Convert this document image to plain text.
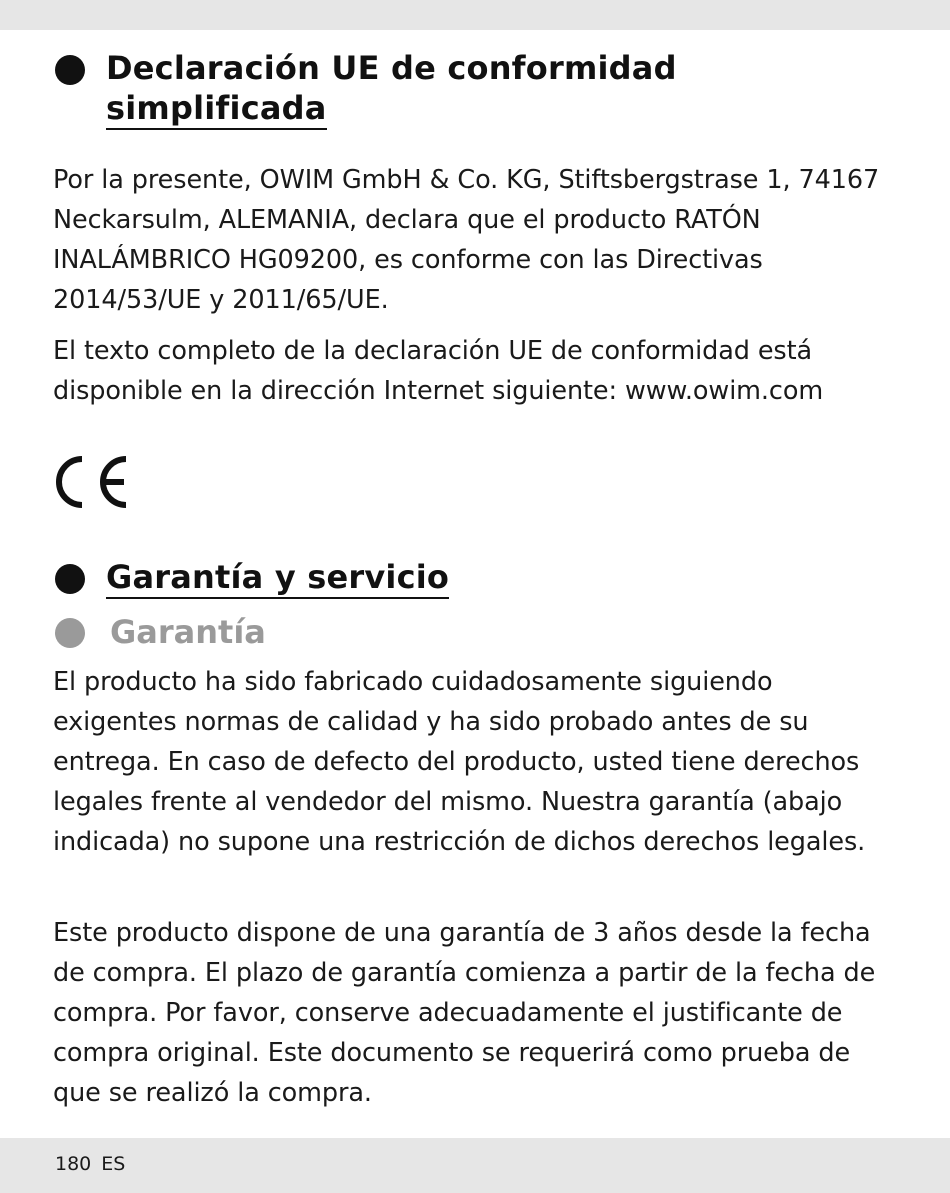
Declaración UE de conformidad
simplificada

Por la presente, OWIM GmbH & Co. KG, Stiftsbergstrase 1, 74167 Neckarsulm, ALEMANIA, declara que el producto RATÓN INALÁMBRICO HG09200, es conforme con las Directivas 2014/53/UE y 2011/65/UE.

El texto completo de la declaración UE de conformidad está disponible en la dirección Internet siguiente: www.owim.com

Garantía y servicio
Garantía

El producto ha sido fabricado cuidadosamente siguiendo exigentes normas de calidad y ha sido probado antes de su entrega. En caso de defecto del producto, usted tiene derechos legales frente al vendedor del mismo. Nuestra garantía (abajo indicada) no supone una restricción de dichos derechos legales.

Este producto dispone de una garantía de 3 años desde la fecha de compra. El plazo de garantía comienza a partir de la fecha de compra. Por favor, conserve adecuadamente el justificante de compra original. Este documento se requerirá como prueba de que se realizó la compra.

180 ES
